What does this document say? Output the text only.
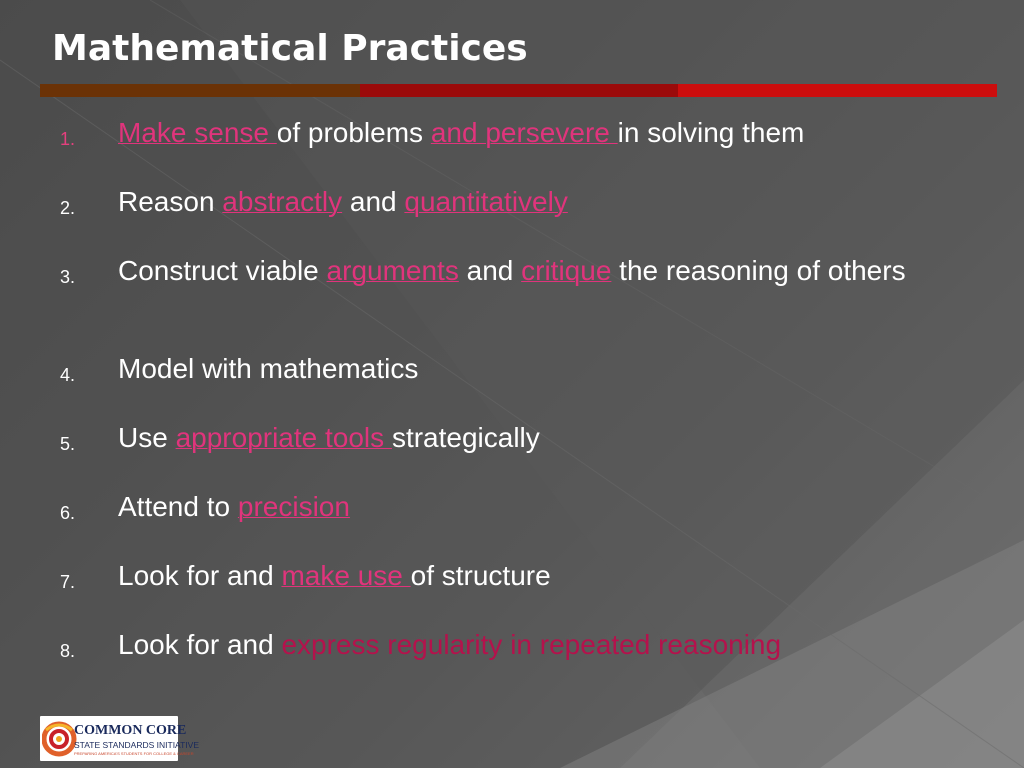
Mathematical Practices
1. Make sense of problems and persevere in solving them
2. Reason abstractly and quantitatively
3. Construct viable arguments and critique the reasoning of others
4. Model with mathematics
5. Use appropriate tools strategically
6. Attend to precision
7. Look for and make use of structure
8. Look for and express regularity in repeated reasoning
COMMON CORE
STATE STANDARDS INITIATIVE
PREPARING AMERICA'S STUDENTS FOR COLLEGE & CAREER
